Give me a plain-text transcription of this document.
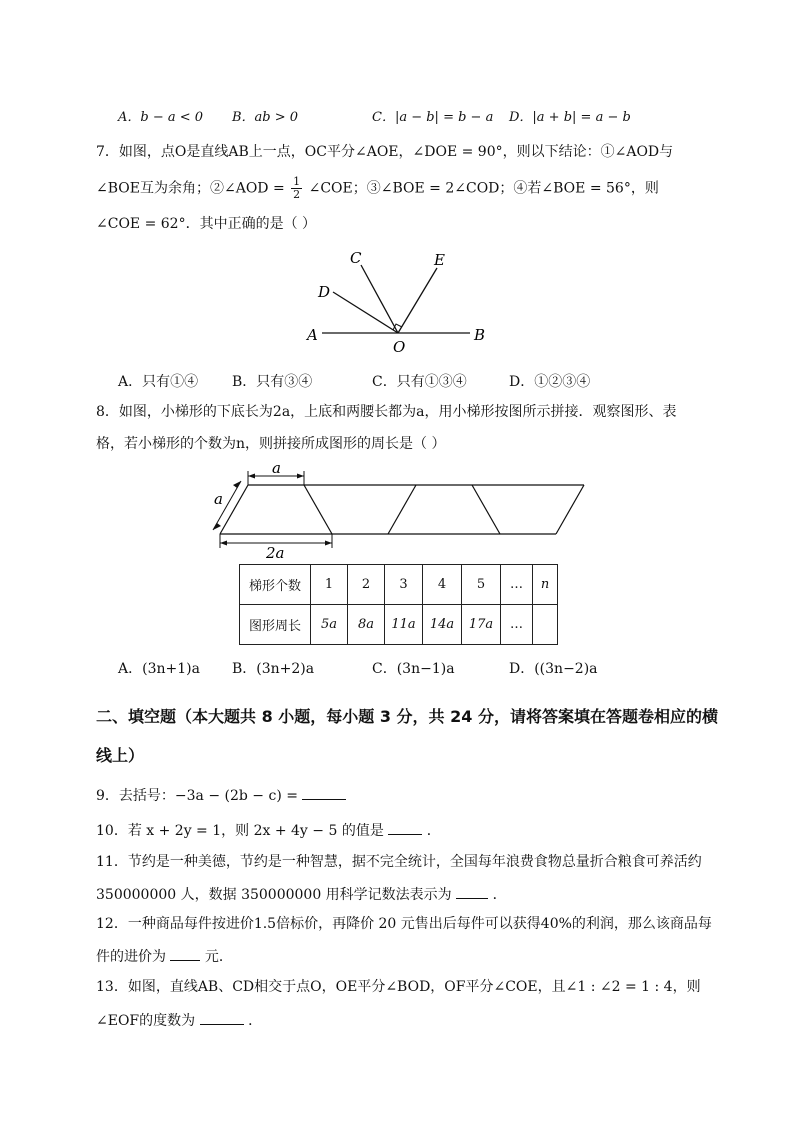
A．b − a < 0 B．ab > 0	C．|a − b| = b − a D．|a + b| = a − b
7．如图，点O是直线AB上一点，OC平分∠AOE，∠DOE = 90°，则以下结论：①∠AOD与
∠BOE互为余角；②∠AOD = $\frac{1}{2}$ ∠COE；③∠BOE = 2∠COD；④若∠BOE = 56°，则
∠COE = 62°．其中正确的是（ ）
C	E
D
A	B
O
A．只有①④ B．只有③④	C．只有①③④	D．①②③④
8．如图，小梯形的下底长为2a，上底和两腰长都为a，用小梯形按图所示拼接．观察图形、表
格，若小梯形的个数为n，则拼接所成图形的周长是（ ）
a
a
2a
梯形个数	1	2	3	4	5	…	n
图形周长	5a	8a	11a	14a	17a	…	
A．(3n+1)a B．(3n+2)a	C．(3n−1)a	D．((3n−2)a
二、填空题（本大题共 8 小题，每小题 3 分，共 24 分，请将答案填在答题卷相应的横
线上）
9．去括号：−3a − (2b − c) =
10．若 x + 2y = 1，则 2x + 4y − 5 的值是	．
11．节约是一种美德，节约是一种智慧，据不完全统计，全国每年浪费食物总量折合粮食可养活约
350000000 人，数据 350000000 用科学记数法表示为	．
12．一种商品每件按进价1.5倍标价，再降价 20 元售出后每件可以获得40%的利润，那么该商品每
件的进价为	元．
13．如图，直线AB、CD相交于点O，OE平分∠BOD，OF平分∠COE，且∠1 : ∠2 = 1 : 4，则
∠EOF的度数为	．
